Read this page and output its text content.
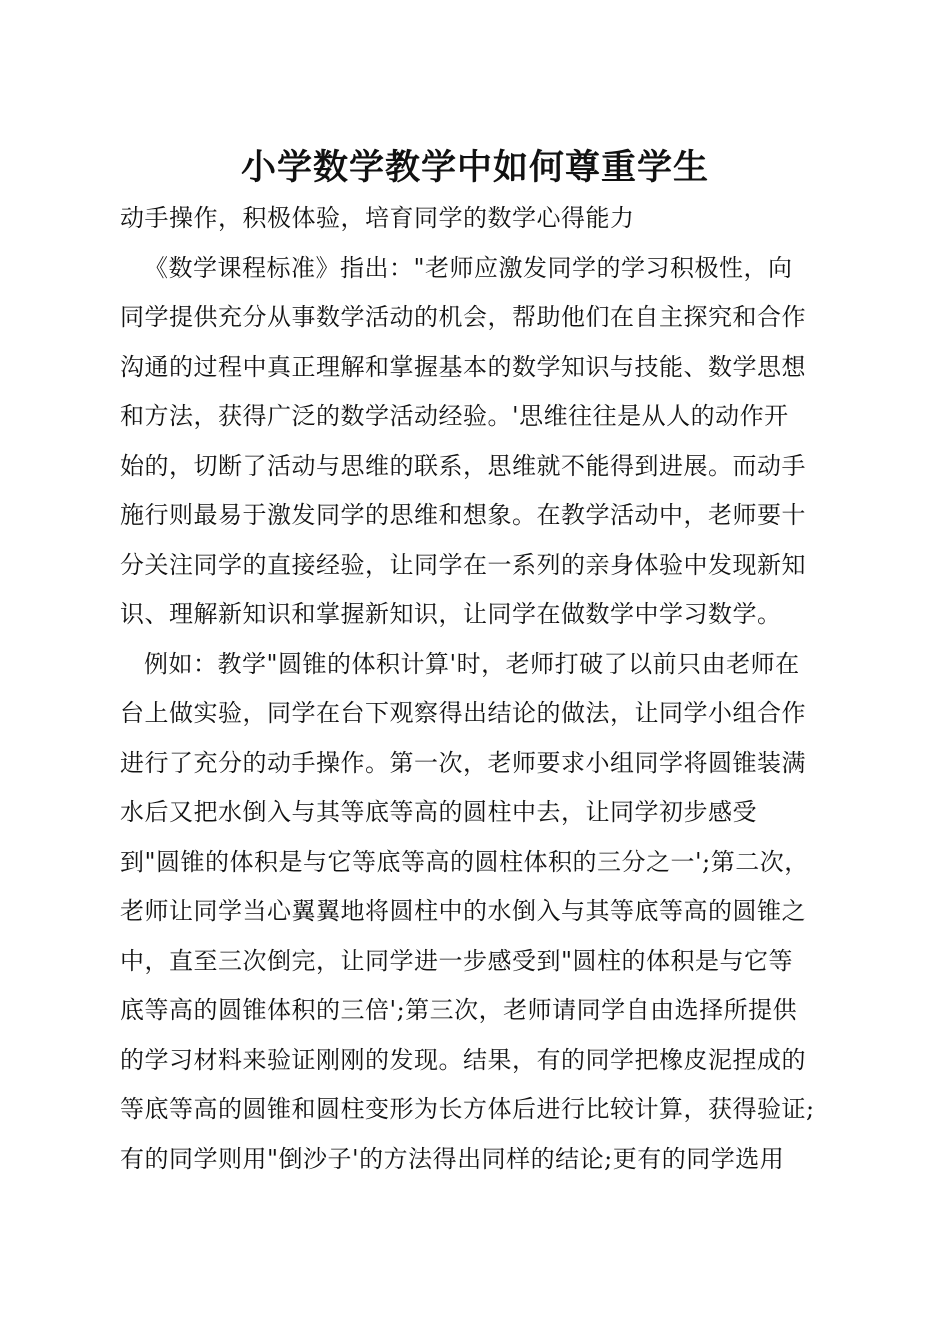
小学数学教学中如何尊重学生
动手操作，积极体验，培育同学的数学心得能力
《数学课程标准》指出："老师应激发同学的学习积极性，向
同学提供充分从事数学活动的机会，帮助他们在自主探究和合作
沟通的过程中真正理解和掌握基本的数学知识与技能、数学思想
和方法，获得广泛的数学活动经验。'思维往往是从人的动作开
始的，切断了活动与思维的联系，思维就不能得到进展。而动手
施行则最易于激发同学的思维和想象。在教学活动中，老师要十
分关注同学的直接经验，让同学在一系列的亲身体验中发现新知
识、理解新知识和掌握新知识，让同学在做数学中学习数学。
例如：教学"圆锥的体积计算'时，老师打破了以前只由老师在
台上做实验，同学在台下观察得出结论的做法，让同学小组合作
进行了充分的动手操作。第一次，老师要求小组同学将圆锥装满
水后又把水倒入与其等底等高的圆柱中去，让同学初步感受
到"圆锥的体积是与它等底等高的圆柱体积的三分之一';第二次，
老师让同学当心翼翼地将圆柱中的水倒入与其等底等高的圆锥之
中，直至三次倒完，让同学进一步感受到"圆柱的体积是与它等
底等高的圆锥体积的三倍';第三次，老师请同学自由选择所提供
的学习材料来验证刚刚的发现。结果，有的同学把橡皮泥捏成的
等底等高的圆锥和圆柱变形为长方体后进行比较计算，获得验证;
有的同学则用"倒沙子'的方法得出同样的结论;更有的同学选用
